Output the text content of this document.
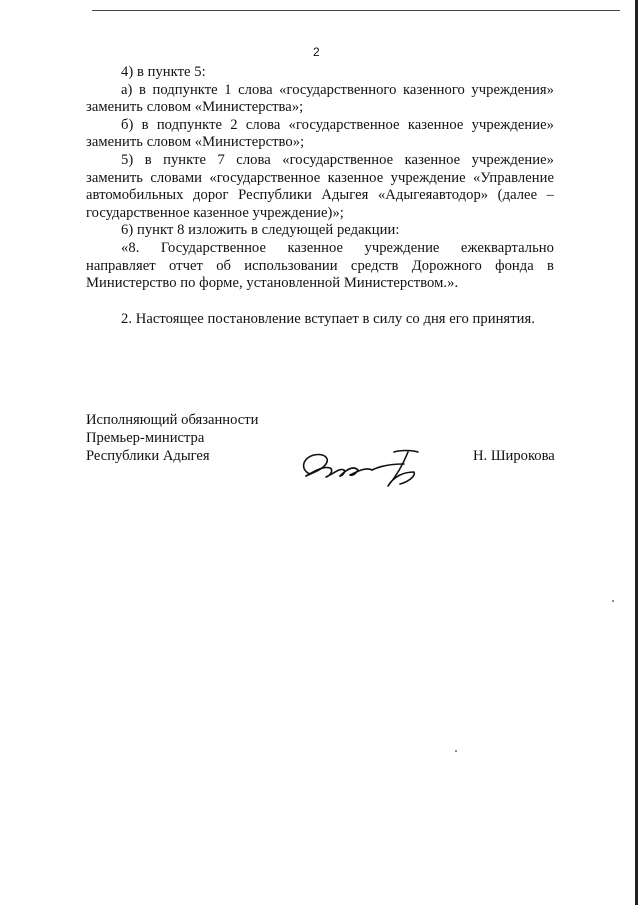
2

4) в пункте 5:

а) в подпункте 1 слова «государственного казенного учреждения» заменить словом «Министерства»;

б) в подпункте 2 слова «государственное казенное учреждение» заменить словом «Министерство»;

5) в пункте 7 слова «государственное казенное учреждение» заменить словами «государственное казенное учреждение «Управление автомобильных дорог Республики Адыгея «Адыгеяавтодор» (далее – государственное казенное учреждение)»;

6) пункт 8 изложить в следующей редакции:

«8. Государственное казенное учреждение ежеквартально направляет отчет об использовании средств Дорожного фонда в Министерство по форме, установленной Министерством.».

2. Настоящее постановление вступает в силу со дня его принятия.

Исполняющий обязанности
Премьер-министра
Республики Адыгея	Н. Широкова
